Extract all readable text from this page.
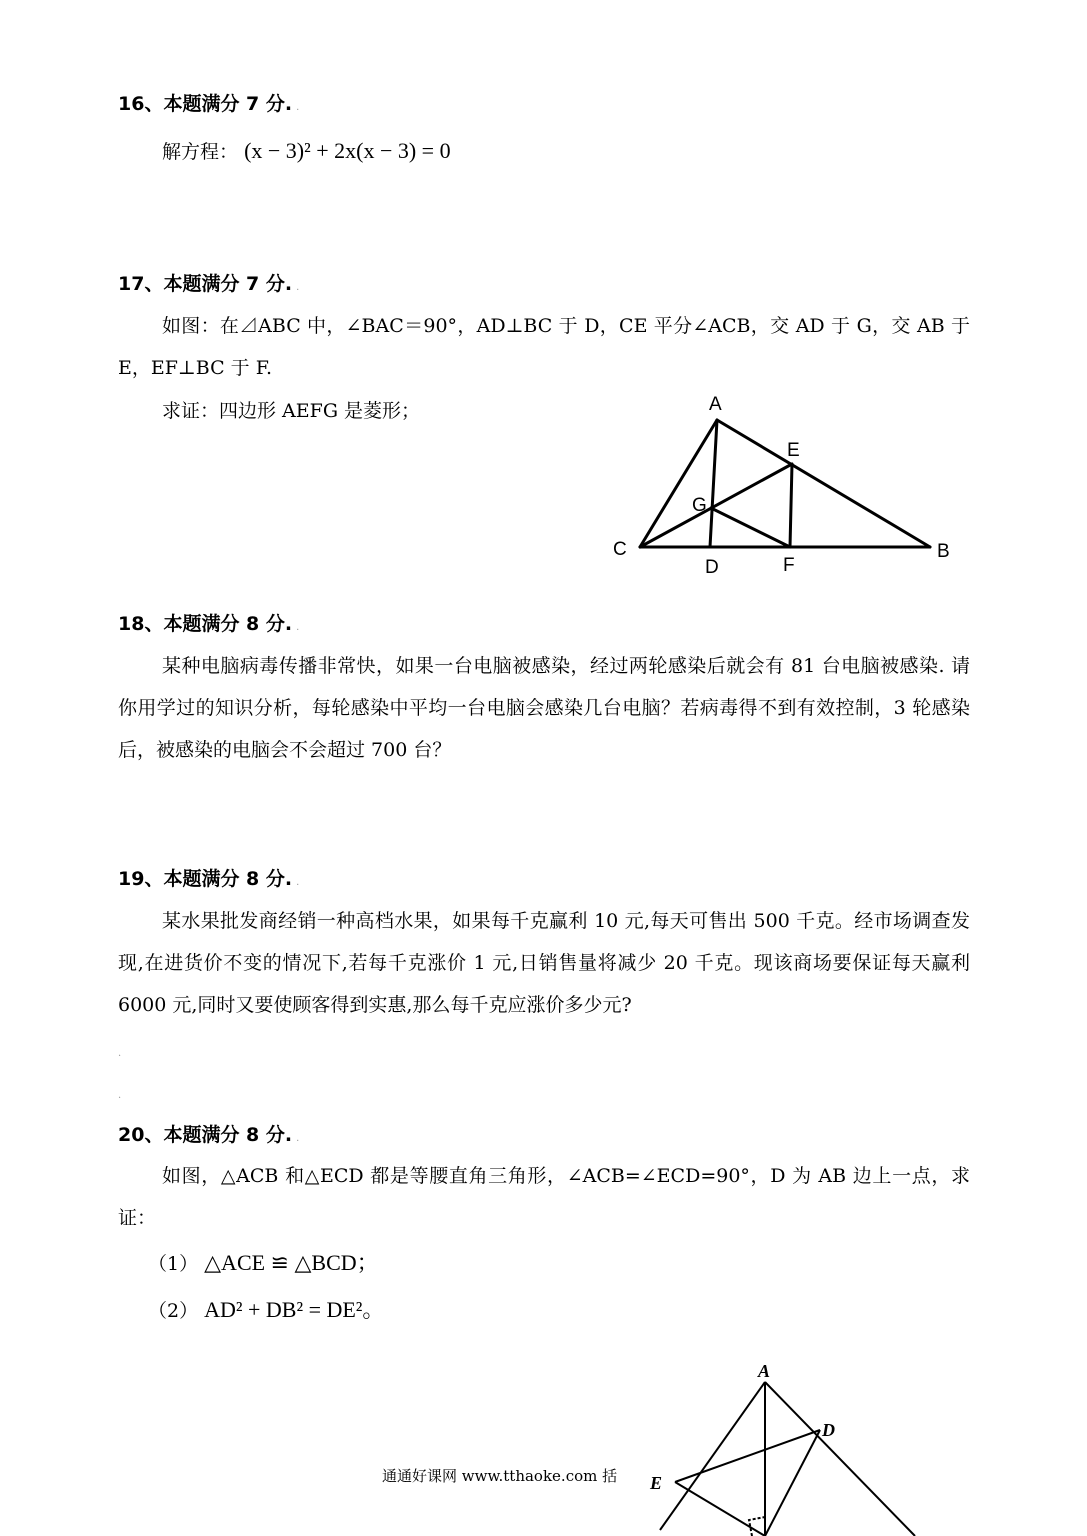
16、本题满分 7 分. .
解方程： (x − 3)² + 2x(x − 3) = 0
17、本题满分 7 分. .

如图：在⊿ABC 中，∠BAC＝90°，AD⊥BC 于 D，CE 平分∠ACB，交 AD 于 G，交 AB 于 E，EF⊥BC 于 F.

求证：四边形 AEFG 是菱形；	A
E
G
C
D	F
B
18、本题满分 8 分. .

某种电脑病毒传播非常快，如果一台电脑被感染，经过两轮感染后就会有 81 台电脑被感染. 请你用学过的知识分析，每轮感染中平均一台电脑会感染几台电脑？若病毒得不到有效控制，3 轮感染后，被感染的电脑会不会超过 700 台？

19、本题满分 8 分. .

某水果批发商经销一种高档水果，如果每千克赢利 10 元,每天可售出 500 千克。经市场调查发现,在进货价不变的情况下,若每千克涨价 1 元,日销售量将减少 20 千克。现该商场要保证每天赢利 6000 元,同时又要使顾客得到实惠,那么每千克应涨价多少元?

.
.
20、本题满分 8 分. .

如图，△ACB 和△ECD 都是等腰直角三角形，∠ACB=∠ECD=90°，D 为 AB 边上一点，求证：

（1） △ACE ≌ △BCD；
（2） AD² + DB² = DE²。
A
D
E
通通好课网 www.tthaoke.com 括
